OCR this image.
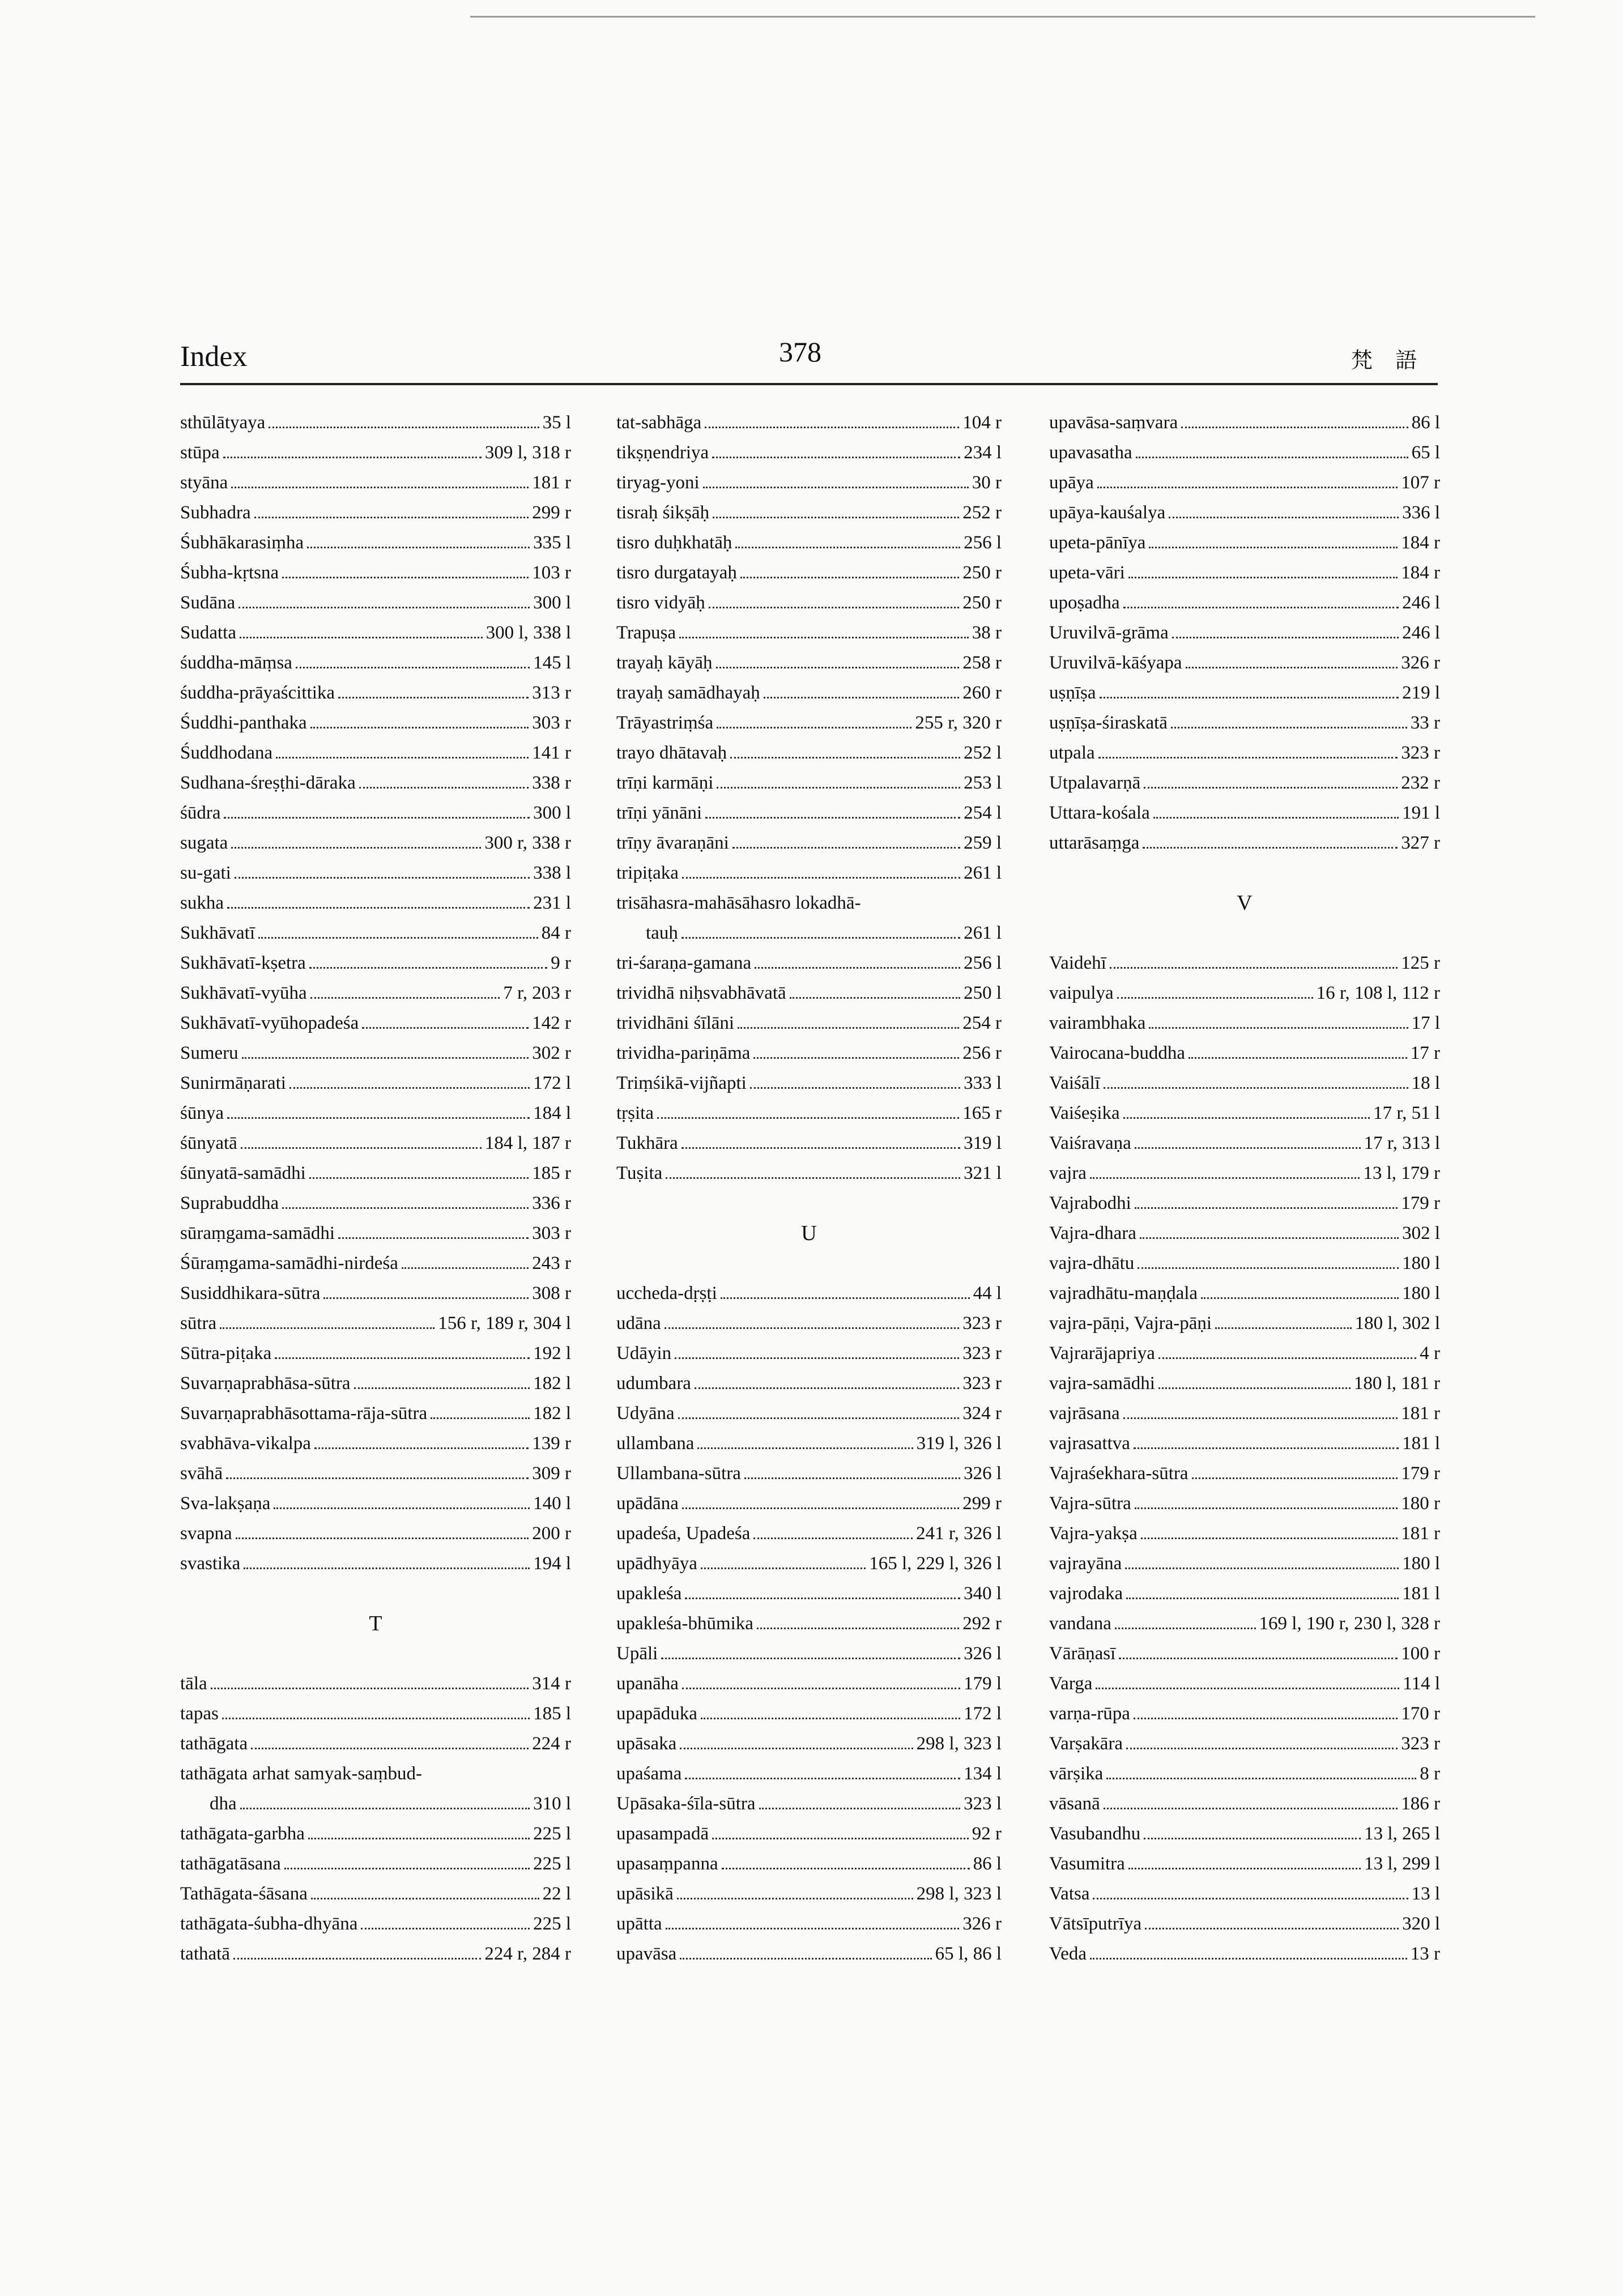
Index	378	梵 語
sthūlātyaya	35 l
stūpa	309 l, 318 r
styāna	181 r
Subhadra	299 r
Śubhākarasiṃha	335 l
Śubha-kṛtsna	103 r
Sudāna	300 l
Sudatta	300 l, 338 l
śuddha-māṃsa	145 l
śuddha-prāyaścittika	313 r
Śuddhi-panthaka	303 r
Śuddhodana	141 r
Sudhana-śreṣṭhi-dāraka	338 r
śūdra	300 l
sugata	300 r, 338 r
su-gati	338 l
sukha	231 l
Sukhāvatī	84 r
Sukhāvatī-kṣetra	9 r
Sukhāvatī-vyūha	7 r, 203 r
Sukhāvatī-vyūhopadeśa	142 r
Sumeru	302 r
Sunirmāṇarati	172 l
śūnya	184 l
śūnyatā	184 l, 187 r
śūnyatā-samādhi	185 r
Suprabuddha	336 r
sūraṃgama-samādhi	303 r
Śūraṃgama-samādhi-nirdeśa	243 r
Susiddhikara-sūtra	308 r
sūtra	156 r, 189 r, 304 l
Sūtra-piṭaka	192 l
Suvarṇaprabhāsa-sūtra	182 l
Suvarṇaprabhāsottama-rāja-sūtra	182 l
svabhāva-vikalpa	139 r
svāhā	309 r
Sva-lakṣaṇa	140 l
svapna	200 r
svastika	194 l
T
tāla	314 r
tapas	185 l
tathāgata	224 r
tathāgata arhat samyak-saṃbud-
dha	310 l
tathāgata-garbha	225 l
tathāgatāsana	225 l
Tathāgata-śāsana	22 l
tathāgata-śubha-dhyāna	225 l
tathatā	224 r, 284 r
tat-sabhāga	104 r
tikṣṇendriya	234 l
tiryag-yoni	30 r
tisraḥ śikṣāḥ	252 r
tisro duḥkhatāḥ	256 l
tisro durgatayaḥ	250 r
tisro vidyāḥ	250 r
Trapuṣa	38 r
trayaḥ kāyāḥ	258 r
trayaḥ samādhayaḥ	260 r
Trāyastriṃśa	255 r, 320 r
trayo dhātavaḥ	252 l
trīṇi karmāṇi	253 l
trīṇi yānāni	254 l
trīṇy āvaraṇāni	259 l
tripiṭaka	261 l
trisāhasra-mahāsāhasro lokadhā-
tauḥ	261 l
tri-śaraṇa-gamana	256 l
trividhā niḥsvabhāvatā	250 l
trividhāni śīlāni	254 r
trividha-pariṇāma	256 r
Triṃśikā-vijñapti	333 l
tṛṣita	165 r
Tukhāra	319 l
Tuṣita	321 l
U
uccheda-dṛṣṭi	44 l
udāna	323 r
Udāyin	323 r
udumbara	323 r
Udyāna	324 r
ullambana	319 l, 326 l
Ullambana-sūtra	326 l
upādāna	299 r
upadeśa, Upadeśa	241 r, 326 l
upādhyāya	165 l, 229 l, 326 l
upakleśa	340 l
upakleśa-bhūmika	292 r
Upāli	326 l
upanāha	179 l
upapāduka	172 l
upāsaka	298 l, 323 l
upaśama	134 l
Upāsaka-śīla-sūtra	323 l
upasampadā	92 r
upasaṃpanna	86 l
upāsikā	298 l, 323 l
upātta	326 r
upavāsa	65 l, 86 l
upavāsa-saṃvara	86 l
upavasatha	65 l
upāya	107 r
upāya-kauśalya	336 l
upeta-pānīya	184 r
upeta-vāri	184 r
upoṣadha	246 l
Uruvilvā-grāma	246 l
Uruvilvā-kāśyapa	326 r
uṣṇīṣa	219 l
uṣṇīṣa-śiraskatā	33 r
utpala	323 r
Utpalavarṇā	232 r
Uttara-kośala	191 l
uttarāsaṃga	327 r
V
Vaidehī	125 r
vaipulya	16 r, 108 l, 112 r
vairambhaka	17 l
Vairocana-buddha	17 r
Vaiśālī	18 l
Vaiśeṣika	17 r, 51 l
Vaiśravaṇa	17 r, 313 l
vajra	13 l, 179 r
Vajrabodhi	179 r
Vajra-dhara	302 l
vajra-dhātu	180 l
vajradhātu-maṇḍala	180 l
vajra-pāṇi, Vajra-pāṇi	180 l, 302 l
Vajrarājapriya	4 r
vajra-samādhi	180 l, 181 r
vajrāsana	181 r
vajrasattva	181 l
Vajraśekhara-sūtra	179 r
Vajra-sūtra	180 r
Vajra-yakṣa	181 r
vajrayāna	180 l
vajrodaka	181 l
vandana	169 l, 190 r, 230 l, 328 r
Vārāṇasī	100 r
Varga	114 l
varṇa-rūpa	170 r
Varṣakāra	323 r
vārṣika	8 r
vāsanā	186 r
Vasubandhu	13 l, 265 l
Vasumitra	13 l, 299 l
Vatsa	13 l
Vātsīputrīya	320 l
Veda	13 r
